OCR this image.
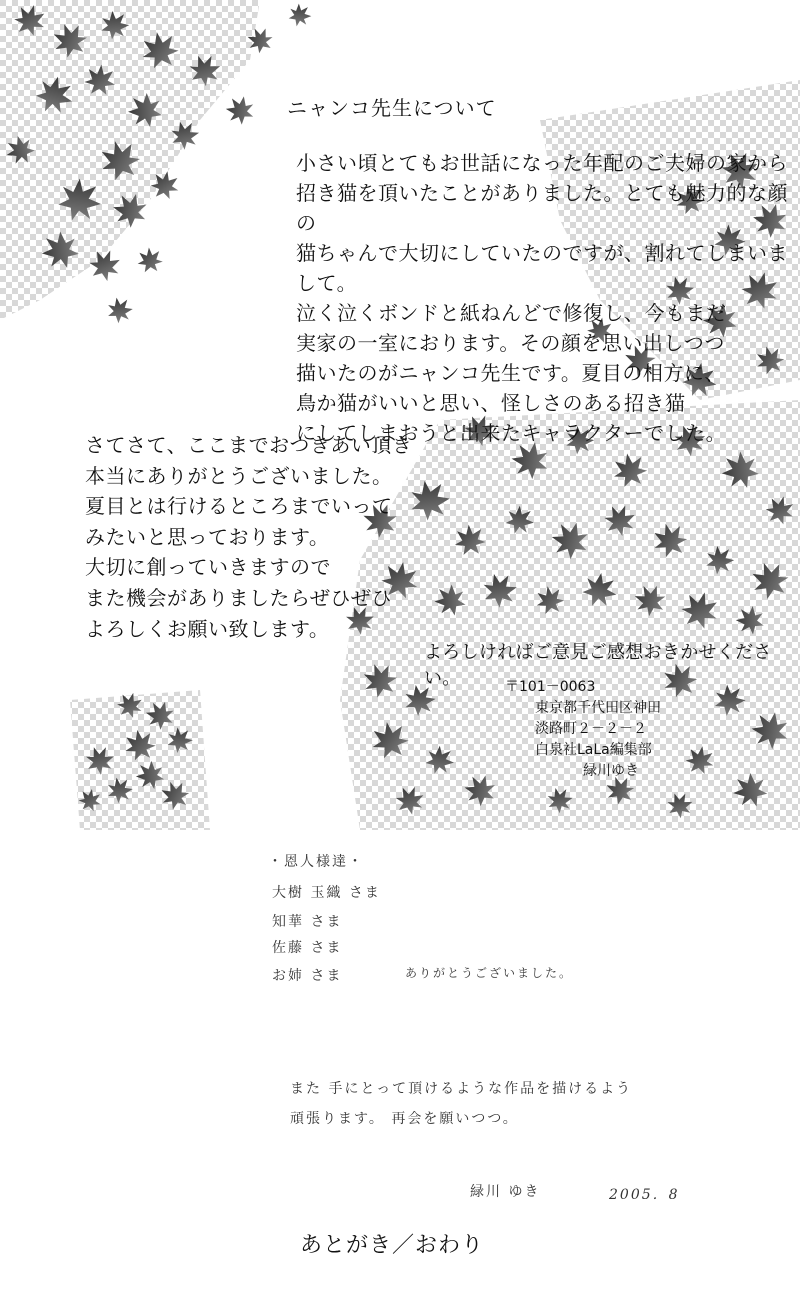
ニャンコ先生について

小さい頃とてもお世話になった年配のご夫婦の家から

招き猫を頂いたことがありました。とても魅力的な顔の

猫ちゃんで大切にしていたのですが、割れてしまいまして。

泣く泣くボンドと紙ねんどで修復し、今もまだ

実家の一室におります。その顔を思い出しつつ

描いたのがニャンコ先生です。夏目の相方に、

鳥か猫がいいと思い、怪しさのある招き猫

にしてしまおうと出来たキャラクターでした。

さてさて、ここまでおつきあい頂き

本当にありがとうございました。

夏目とは行けるところまでいって

みたいと思っております。

大切に創っていきますので

また機会がありましたらぜひぜひ

よろしくお願い致します。

よろしければご意見ご感想おきかせください。	〒101－0063
東京都千代田区神田
淡路町２－２－２
白泉社LaLa編集部
緑川ゆき
・恩人様達・
大樹 玉織 さま
知華 さま
佐藤 さま
お姉 さま	ありがとうございました。
また 手にとって頂けるような作品を描けるよう
頑張ります。 再会を願いつつ。
緑川 ゆき	2005．8
あとがき／おわり
